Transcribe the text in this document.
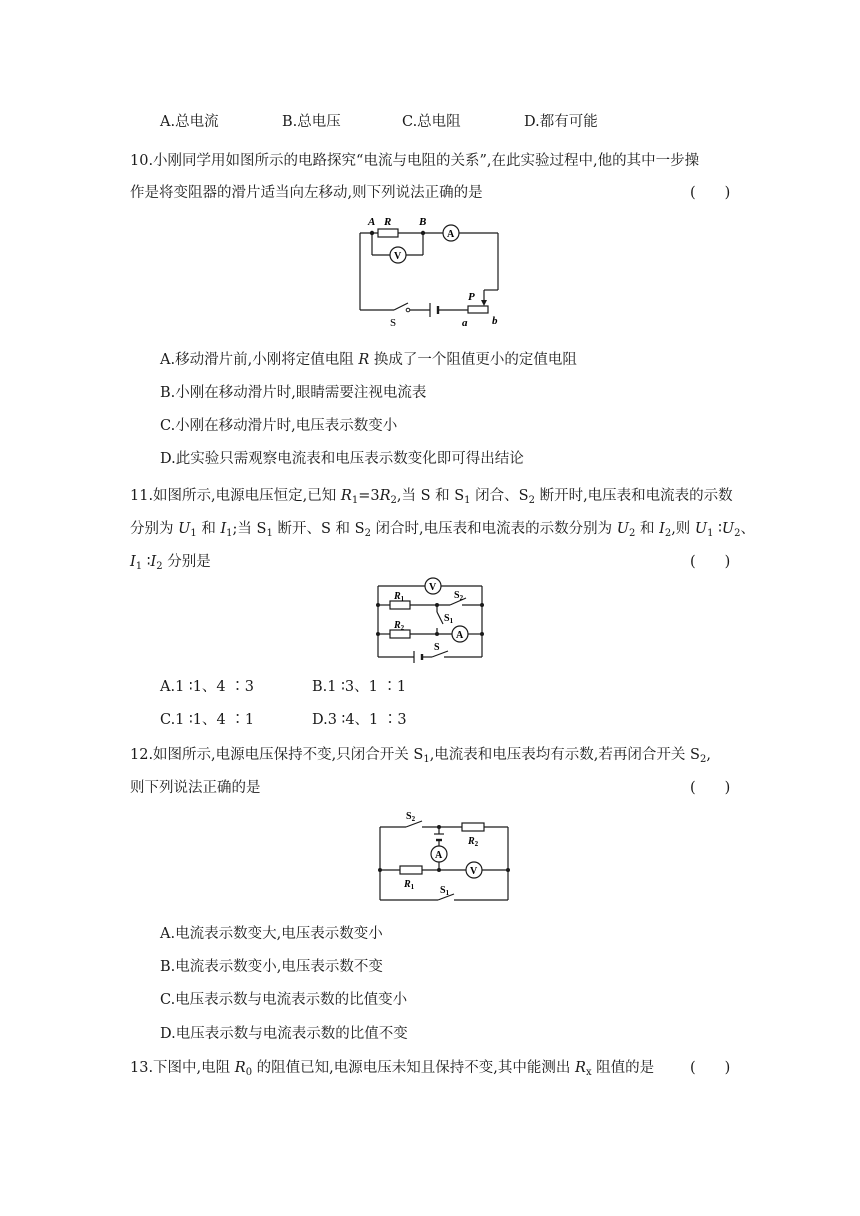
A.总电流	B.总电压	C.总电阻	D.都有可能
10.小刚同学用如图所示的电路探究“电流与电阻的关系”,在此实验过程中,他的其中一步操
作是将变阻器的滑片适当向左移动,则下列说法正确的是	(　　)
A R	B
A
V
P
S	a b
A.移动滑片前,小刚将定值电阻 R 换成了一个阻值更小的定值电阻
B.小刚在移动滑片时,眼睛需要注视电流表
C.小刚在移动滑片时,电压表示数变小
D.此实验只需观察电流表和电压表示数变化即可得出结论
11.如图所示,电源电压恒定,已知 $R_1=3R_2$,当 S 和 $S_1$ 闭合、$S_2$ 断开时,电压表和电流表的示数
分别为 $U_1$ 和 $I_1$;当 $S_1$ 断开、S 和 $S_2$ 闭合时,电压表和电流表的示数分别为 $U_2$ 和 $I_2$,则 $U_1$ $∶U_2$、
$I_1$ $∶I_2$ 分别是	(　　)
V
A
$R_1$
$R_2$
$S_2$
$S_1$
S
A.1 ∶1、4 ∶3	B.1 ∶3、1 ∶1
C.1 ∶1、4 ∶1	D.3 ∶4、1 ∶3
12.如图所示,电源电压保持不变,只闭合开关 $S_1$,电流表和电压表均有示数,若再闭合开关 $S_2$,
则下列说法正确的是	(　　)
A
V
$S_2$
$R_2$
$R_1$	$S_1$
A.电流表示数变大,电压表示数变小
B.电流表示数变小,电压表示数不变
C.电压表示数与电流表示数的比值变小
D.电压表示数与电流表示数的比值不变
13.下图中,电阻 $R_0$ 的阻值已知,电源电压未知且保持不变,其中能测出 $R_x$ 阻值的是 (　　)
